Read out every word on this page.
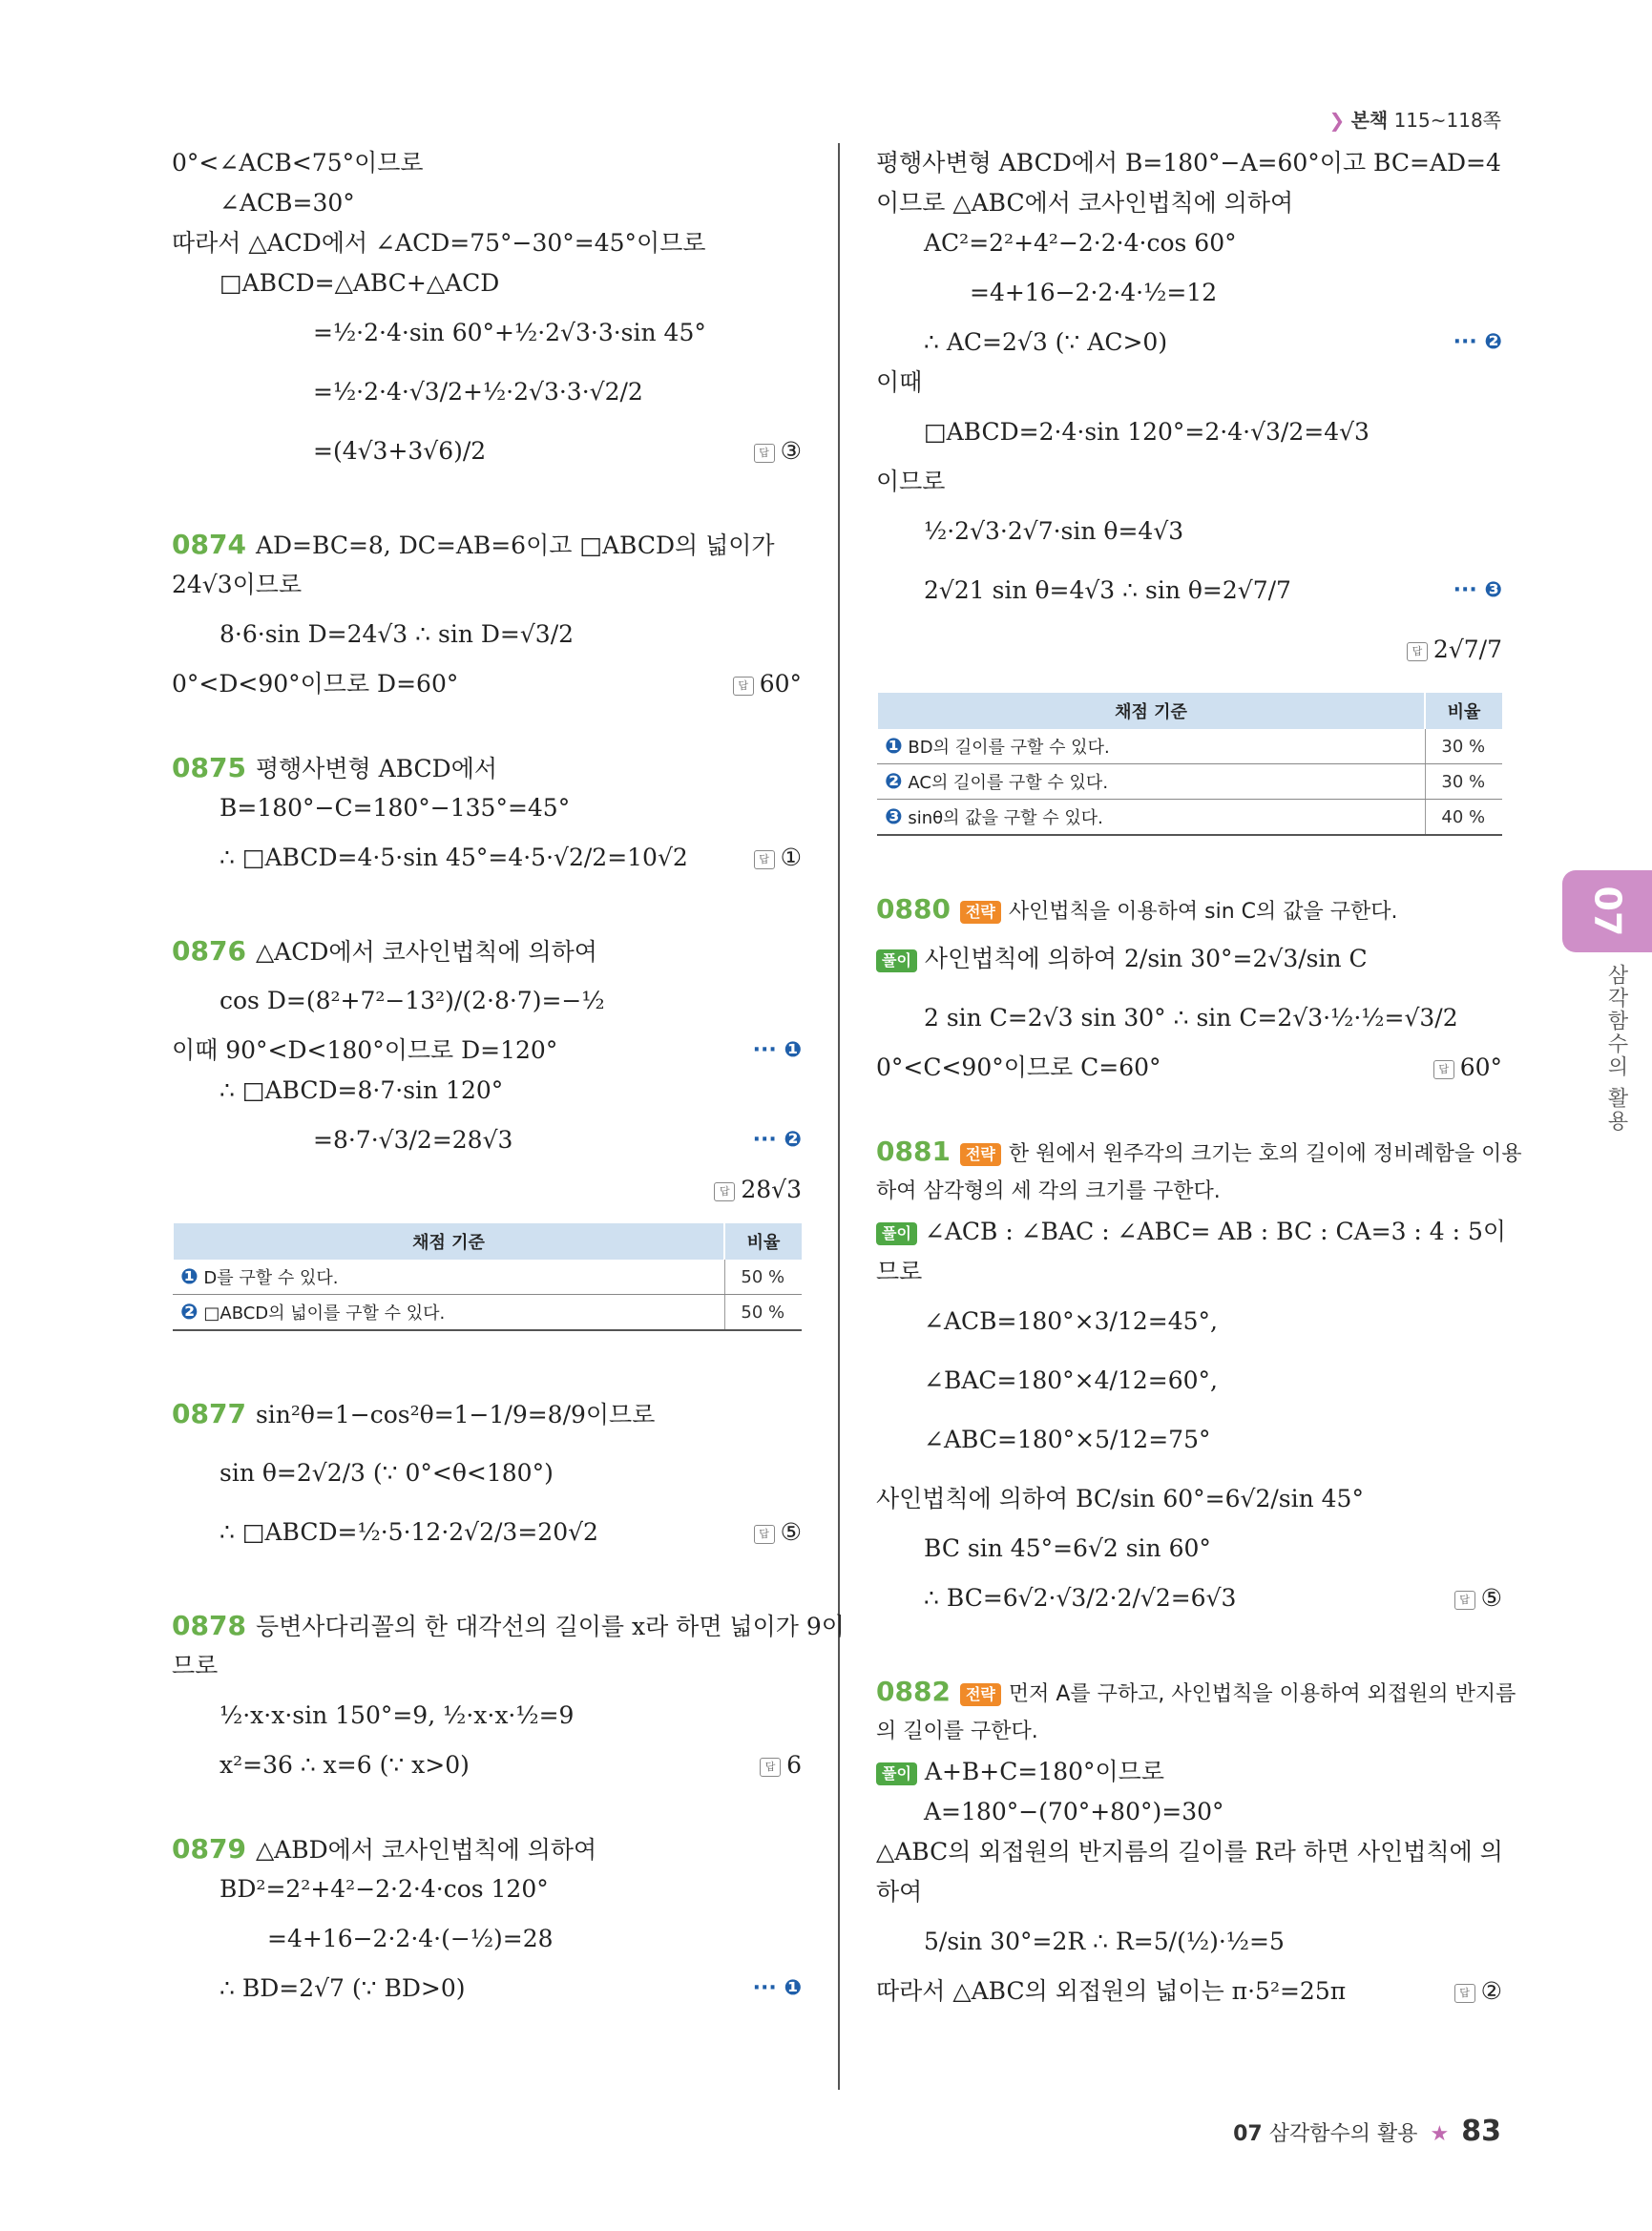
❯ 본책 115~118쪽
0°<∠ACB<75°이므로
∠ACB=30°
따라서 △ACD에서 ∠ACD=75°−30°=45°이므로
□ABCD=△ABC+△ACD
=½·2·4·sin 60°+½·2√3·3·sin 45°
=½·2·4·√3/2+½·2√3·3·√2/2
=(4√3+3√6)/2	답 ③
0874 AD=BC=8, DC=AB=6이고 □ABCD의 넓이가
24√3이므로
8·6·sin D=24√3 ∴ sin D=√3/2
0°<D<90°이므로 D=60°	답 60°
0875 평행사변형 ABCD에서
B=180°−C=180°−135°=45°
∴ □ABCD=4·5·sin 45°=4·5·√2/2=10√2	답 ①
0876 △ACD에서 코사인법칙에 의하여
cos D=(8²+7²−13²)/(2·8·7)=−½
이때 90°<D<180°이므로 D=120°	··· ❶
∴ □ABCD=8·7·sin 120°
=8·7·√3/2=28√3	··· ❷
답 28√3
채점 기준	비율
❶ D를 구할 수 있다.	50 %
❷ □ABCD의 넓이를 구할 수 있다.	50 %
0877 sin²θ=1−cos²θ=1−1/9=8/9이므로
sin θ=2√2/3 (∵ 0°<θ<180°)
∴ □ABCD=½·5·12·2√2/3=20√2	답 ⑤
0878 등변사다리꼴의 한 대각선의 길이를 x라 하면 넓이가 9이
므로
½·x·x·sin 150°=9, ½·x·x·½=9
x²=36 ∴ x=6 (∵ x>0)	답 6
0879 △ABD에서 코사인법칙에 의하여
BD²=2²+4²−2·2·4·cos 120°
=4+16−2·2·4·(−½)=28
∴ BD=2√7 (∵ BD>0)	··· ❶
평행사변형 ABCD에서 B=180°−A=60°이고 BC=AD=4
이므로 △ABC에서 코사인법칙에 의하여
AC²=2²+4²−2·2·4·cos 60°
=4+16−2·2·4·½=12
∴ AC=2√3 (∵ AC>0)	··· ❷
이때
□ABCD=2·4·sin 120°=2·4·√3/2=4√3
이므로
½·2√3·2√7·sin θ=4√3
2√21 sin θ=4√3 ∴ sin θ=2√7/7	··· ❸
답 2√7/7
채점 기준	비율
❶ BD의 길이를 구할 수 있다.	30 %
❷ AC의 길이를 구할 수 있다.	30 %
❸ sinθ의 값을 구할 수 있다.	40 %
0880 전략 사인법칙을 이용하여 sin C의 값을 구한다.
풀이 사인법칙에 의하여 2/sin 30°=2√3/sin C
2 sin C=2√3 sin 30° ∴ sin C=2√3·½·½=√3/2
0°<C<90°이므로 C=60°	답 60°
0881 전략 한 원에서 원주각의 크기는 호의 길이에 정비례함을 이용
하여 삼각형의 세 각의 크기를 구한다.
풀이 ∠ACB : ∠BAC : ∠ABC= AB : BC : CA=3 : 4 : 5이
므로
∠ACB=180°×3/12=45°,
∠BAC=180°×4/12=60°,
∠ABC=180°×5/12=75°
사인법칙에 의하여 BC/sin 60°=6√2/sin 45°
BC sin 45°=6√2 sin 60°
∴ BC=6√2·√3/2·2/√2=6√3	답 ⑤
0882 전략 먼저 A를 구하고, 사인법칙을 이용하여 외접원의 반지름
의 길이를 구한다.
풀이 A+B+C=180°이므로
A=180°−(70°+80°)=30°
△ABC의 외접원의 반지름의 길이를 R라 하면 사인법칙에 의
하여
5/sin 30°=2R ∴ R=5/(½)·½=5
따라서 △ABC의 외접원의 넓이는 π·5²=25π	답 ②
07
삼각함수의 활용
07 삼각함수의 활용 ★ 83
